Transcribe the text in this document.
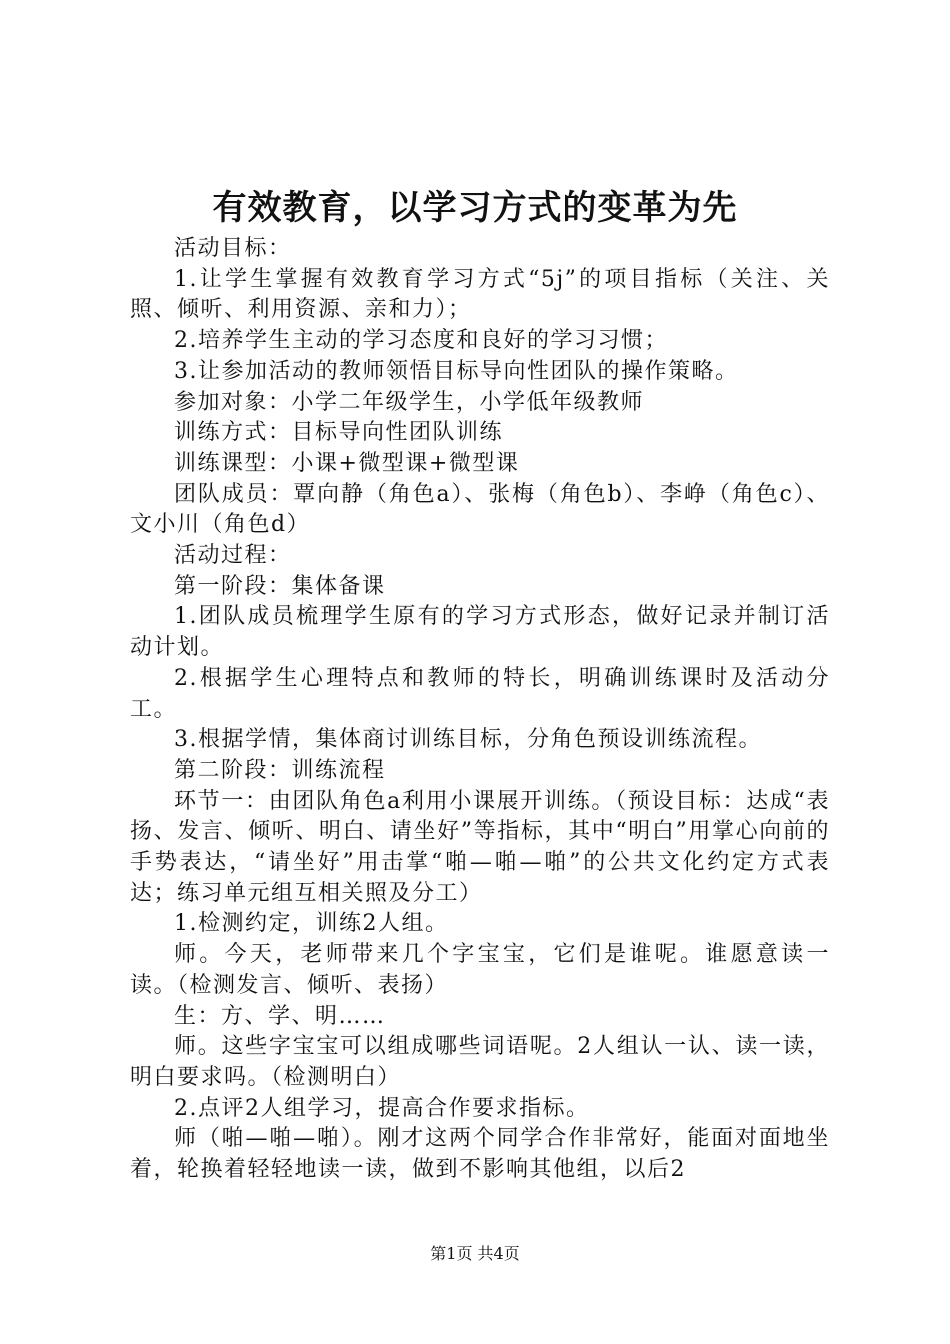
有效教育，以学习方式的变革为先

活动目标：

1.让学生掌握有效教育学习方式“5j”的项目指标（关注、关照、倾听、利用资源、亲和力）；

2.培养学生主动的学习态度和良好的学习习惯；

3.让参加活动的教师领悟目标导向性团队的操作策略。

参加对象：小学二年级学生，小学低年级教师

训练方式：目标导向性团队训练

训练课型：小课+微型课+微型课

团队成员：覃向静（角色a）、张梅（角色b）、李峥（角色c）、文小川（角色d）

活动过程：

第一阶段：集体备课

1.团队成员梳理学生原有的学习方式形态，做好记录并制订活动计划。

2.根据学生心理特点和教师的特长，明确训练课时及活动分工。

3.根据学情，集体商讨训练目标，分角色预设训练流程。

第二阶段：训练流程

环节一：由团队角色a利用小课展开训练。（预设目标：达成“表扬、发言、倾听、明白、请坐好”等指标，其中“明白”用掌心向前的手势表达，“请坐好”用击掌“啪—啪—啪”的公共文化约定方式表达；练习单元组互相关照及分工）

1.检测约定，训练2人组。

师。今天，老师带来几个字宝宝，它们是谁呢。谁愿意读一读。（检测发言、倾听、表扬）

生：方、学、明……

师。这些字宝宝可以组成哪些词语呢。2人组认一认、读一读，明白要求吗。（检测明白）

2.点评2人组学习，提高合作要求指标。

师（啪—啪—啪）。刚才这两个同学合作非常好，能面对面地坐着，轮换着轻轻地读一读，做到不影响其他组，以后2

第1页 共4页
